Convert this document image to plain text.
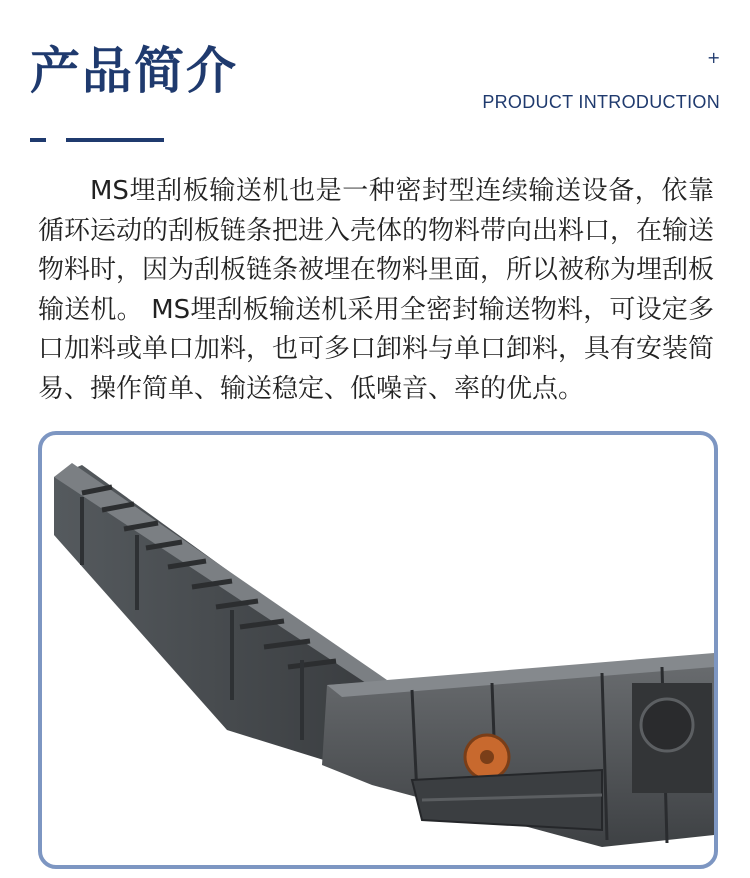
产品简介	+
PRODUCT INTRODUCTION

MS埋刮板输送机也是一种密封型连续输送设备，依靠循环运动的刮板链条把进入壳体的物料带向出料口，在输送物料时，因为刮板链条被埋在物料里面，所以被称为埋刮板输送机。 MS埋刮板输送机采用全密封输送物料，可设定多口加料或单口加料，也可多口卸料与单口卸料，具有安装简易、操作简单、输送稳定、低噪音、率的优点。
